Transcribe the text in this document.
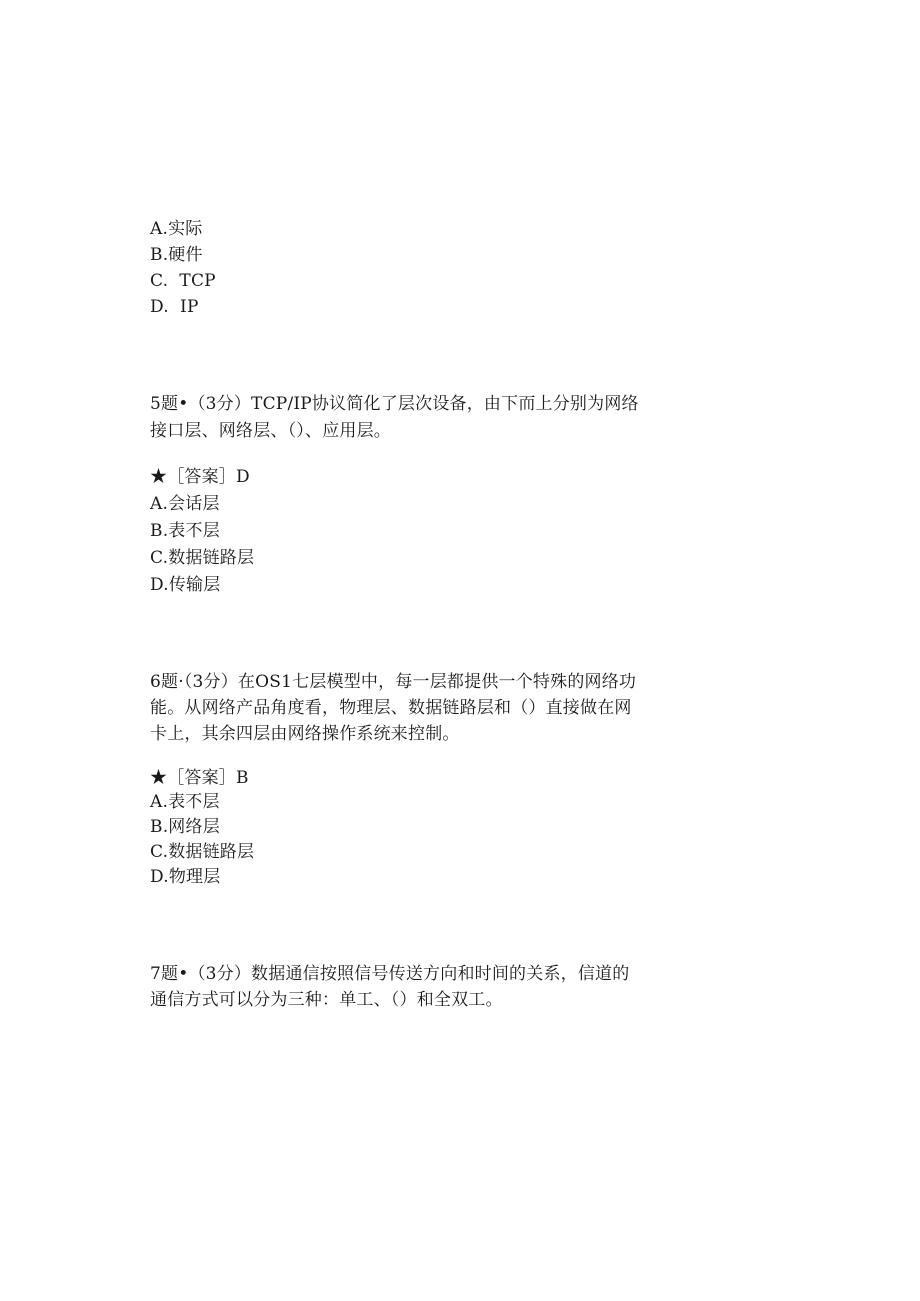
A.实际
B.硬件
C.  TCP
D.  IP
5题•（3分）TCP/IP协议简化了层次设备，由下而上分别为网络
接口层、网络层、（）、应用层。
★［答案］D
A.会话层
B.表不层
C.数据链路层
D.传输层
6题·（3分）在OS1七层模型中，每一层都提供一个特殊的网络功
能。从网络产品角度看，物理层、数据链路层和（）直接做在网
卡上，其余四层由网络操作系统来控制。
★［答案］B
A.表不层
B.网络层
C.数据链路层
D.物理层
7题•（3分）数据通信按照信号传送方向和时间的关系，信道的
通信方式可以分为三种：单工、（）和全双工。
